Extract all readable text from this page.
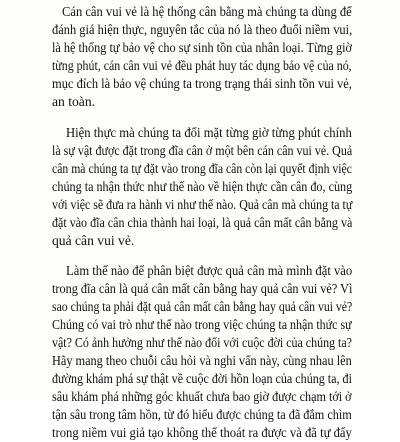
Cán cân vui vẻ là hệ thống cân bằng mà chúng ta dùng để
đánh giá hiện thực, nguyên tắc của nó là theo đuổi niềm vui,
là hệ thống tự bảo vệ cho sự sinh tồn của nhân loại. Từng giờ
từng phút, cán cân vui vẻ đều phát huy tác dụng bảo vệ của nó,
mục đích là bảo vệ chúng ta trong trạng thái sinh tồn vui vẻ,
an toàn.
Hiện thực mà chúng ta đối mặt từng giờ từng phút chính
là sự vật được đặt trong đĩa cân ở một bên cán cân vui vẻ. Quả
cân mà chúng ta tự đặt vào trong đĩa cân còn lại quyết định việc
chúng ta nhận thức như thế nào về hiện thực cần cân đo, cùng
với việc sẽ đưa ra hành vi như thế nào. Quả cân mà chúng ta tự
đặt vào đĩa cân chia thành hai loại, là quả cân mất cân bằng và
quả cân vui vẻ.
Làm thế nào để phân biệt được quả cân mà mình đặt vào
trong đĩa cân là quả cân mất cân bằng hay quả cân vui vẻ? Vì
sao chúng ta phải đặt quả cân mất cân bằng hay quả cân vui vẻ?
Chúng có vai trò như thế nào trong việc chúng ta nhận thức sự
vật? Có ảnh hưởng như thế nào đối với cuộc đời của chúng ta?
Hãy mang theo chuỗi câu hỏi và nghi vấn này, cùng nhau lên
đường khám phá sự thật về cuộc đời hồn loạn của chúng ta, đi
sâu khám phá những góc khuất chưa bao giờ được chạm tới ở
tận sâu trong tâm hồn, từ đó hiểu được chúng ta đã đắm chìm
trong niềm vui giả tạo không thể thoát ra được và đã tự đẩy
